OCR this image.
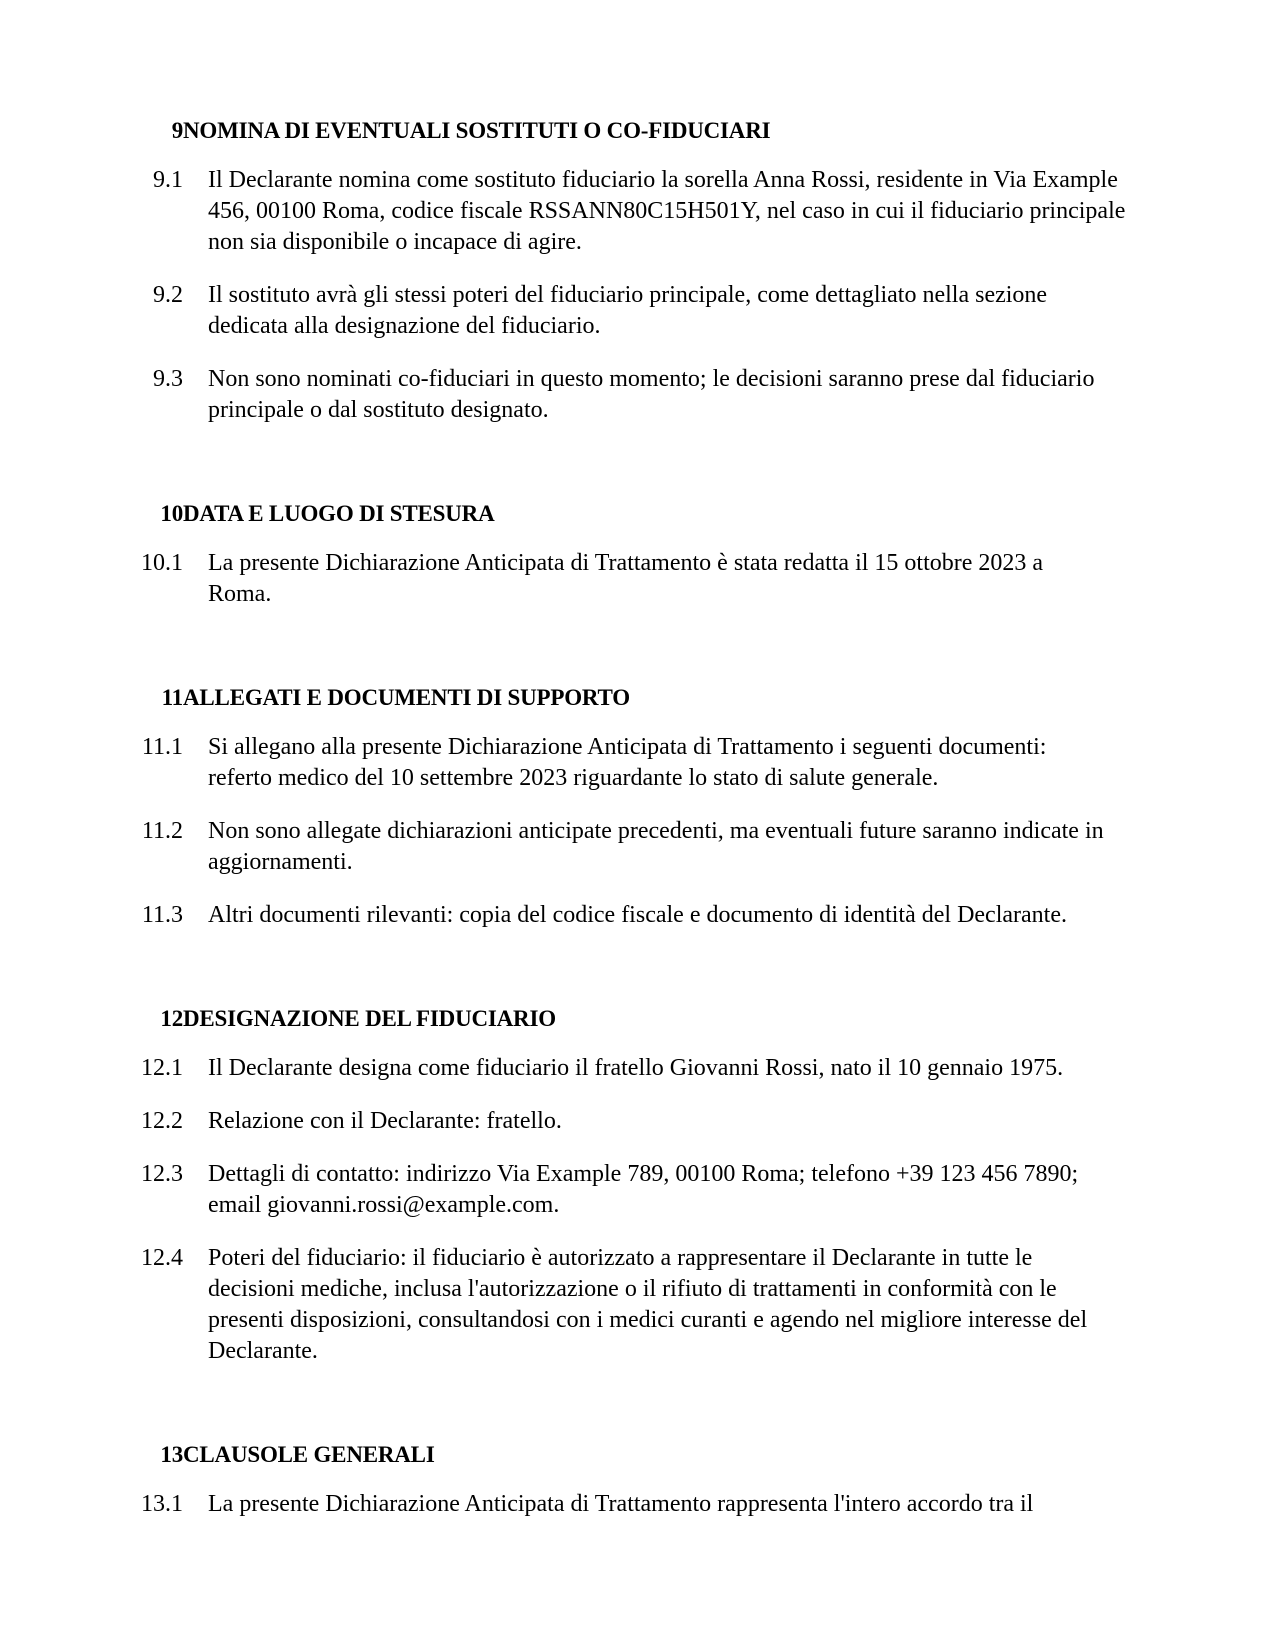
9 NOMINA DI EVENTUALI SOSTITUTI O CO-FIDUCIARI
9.1 Il Declarante nomina come sostituto fiduciario la sorella Anna Rossi, residente in Via Example
456, 00100 Roma, codice fiscale RSSANN80C15H501Y, nel caso in cui il fiduciario principale
non sia disponibile o incapace di agire.
9.2 Il sostituto avrà gli stessi poteri del fiduciario principale, come dettagliato nella sezione
dedicata alla designazione del fiduciario.
9.3 Non sono nominati co-fiduciari in questo momento; le decisioni saranno prese dal fiduciario
principale o dal sostituto designato.
10 DATA E LUOGO DI STESURA
10.1 La presente Dichiarazione Anticipata di Trattamento è stata redatta il 15 ottobre 2023 a
Roma.
11 ALLEGATI E DOCUMENTI DI SUPPORTO
11.1 Si allegano alla presente Dichiarazione Anticipata di Trattamento i seguenti documenti:
referto medico del 10 settembre 2023 riguardante lo stato di salute generale.
11.2 Non sono allegate dichiarazioni anticipate precedenti, ma eventuali future saranno indicate in
aggiornamenti.
11.3 Altri documenti rilevanti: copia del codice fiscale e documento di identità del Declarante.
12 DESIGNAZIONE DEL FIDUCIARIO
12.1 Il Declarante designa come fiduciario il fratello Giovanni Rossi, nato il 10 gennaio 1975.
12.2 Relazione con il Declarante: fratello.
12.3 Dettagli di contatto: indirizzo Via Example 789, 00100 Roma; telefono +39 123 456 7890;
email giovanni.rossi@example.com.
12.4 Poteri del fiduciario: il fiduciario è autorizzato a rappresentare il Declarante in tutte le
decisioni mediche, inclusa l'autorizzazione o il rifiuto di trattamenti in conformità con le
presenti disposizioni, consultandosi con i medici curanti e agendo nel migliore interesse del
Declarante.
13 CLAUSOLE GENERALI
13.1 La presente Dichiarazione Anticipata di Trattamento rappresenta l'intero accordo tra il
